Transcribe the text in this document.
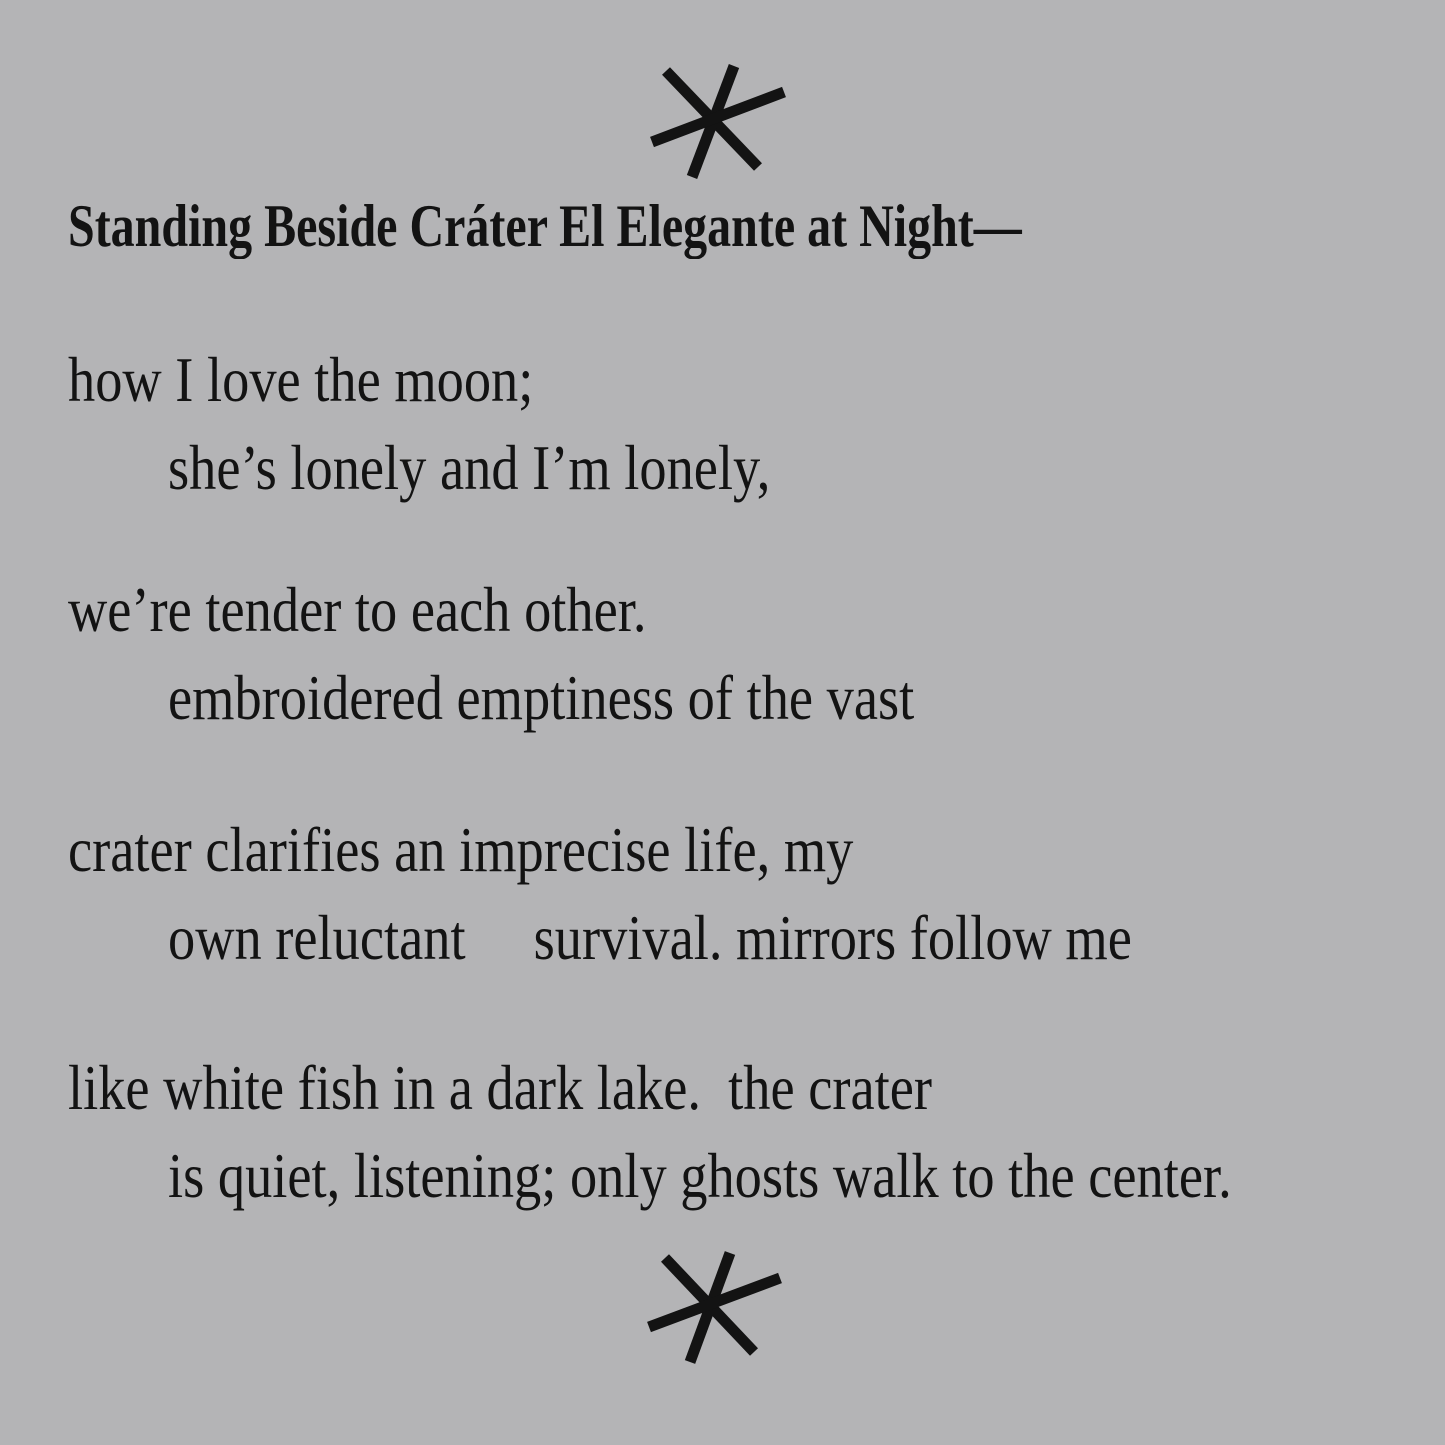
Standing Beside Cráter El Elegante at Night—
how I love the moon;
she’s lonely and I’m lonely,
we’re tender to each other.
embroidered emptiness of the vast
crater clarifies an imprecise life, my
own reluctant     survival. mirrors follow me
like white fish in a dark lake.  the crater
is quiet, listening; only ghosts walk to the center.
